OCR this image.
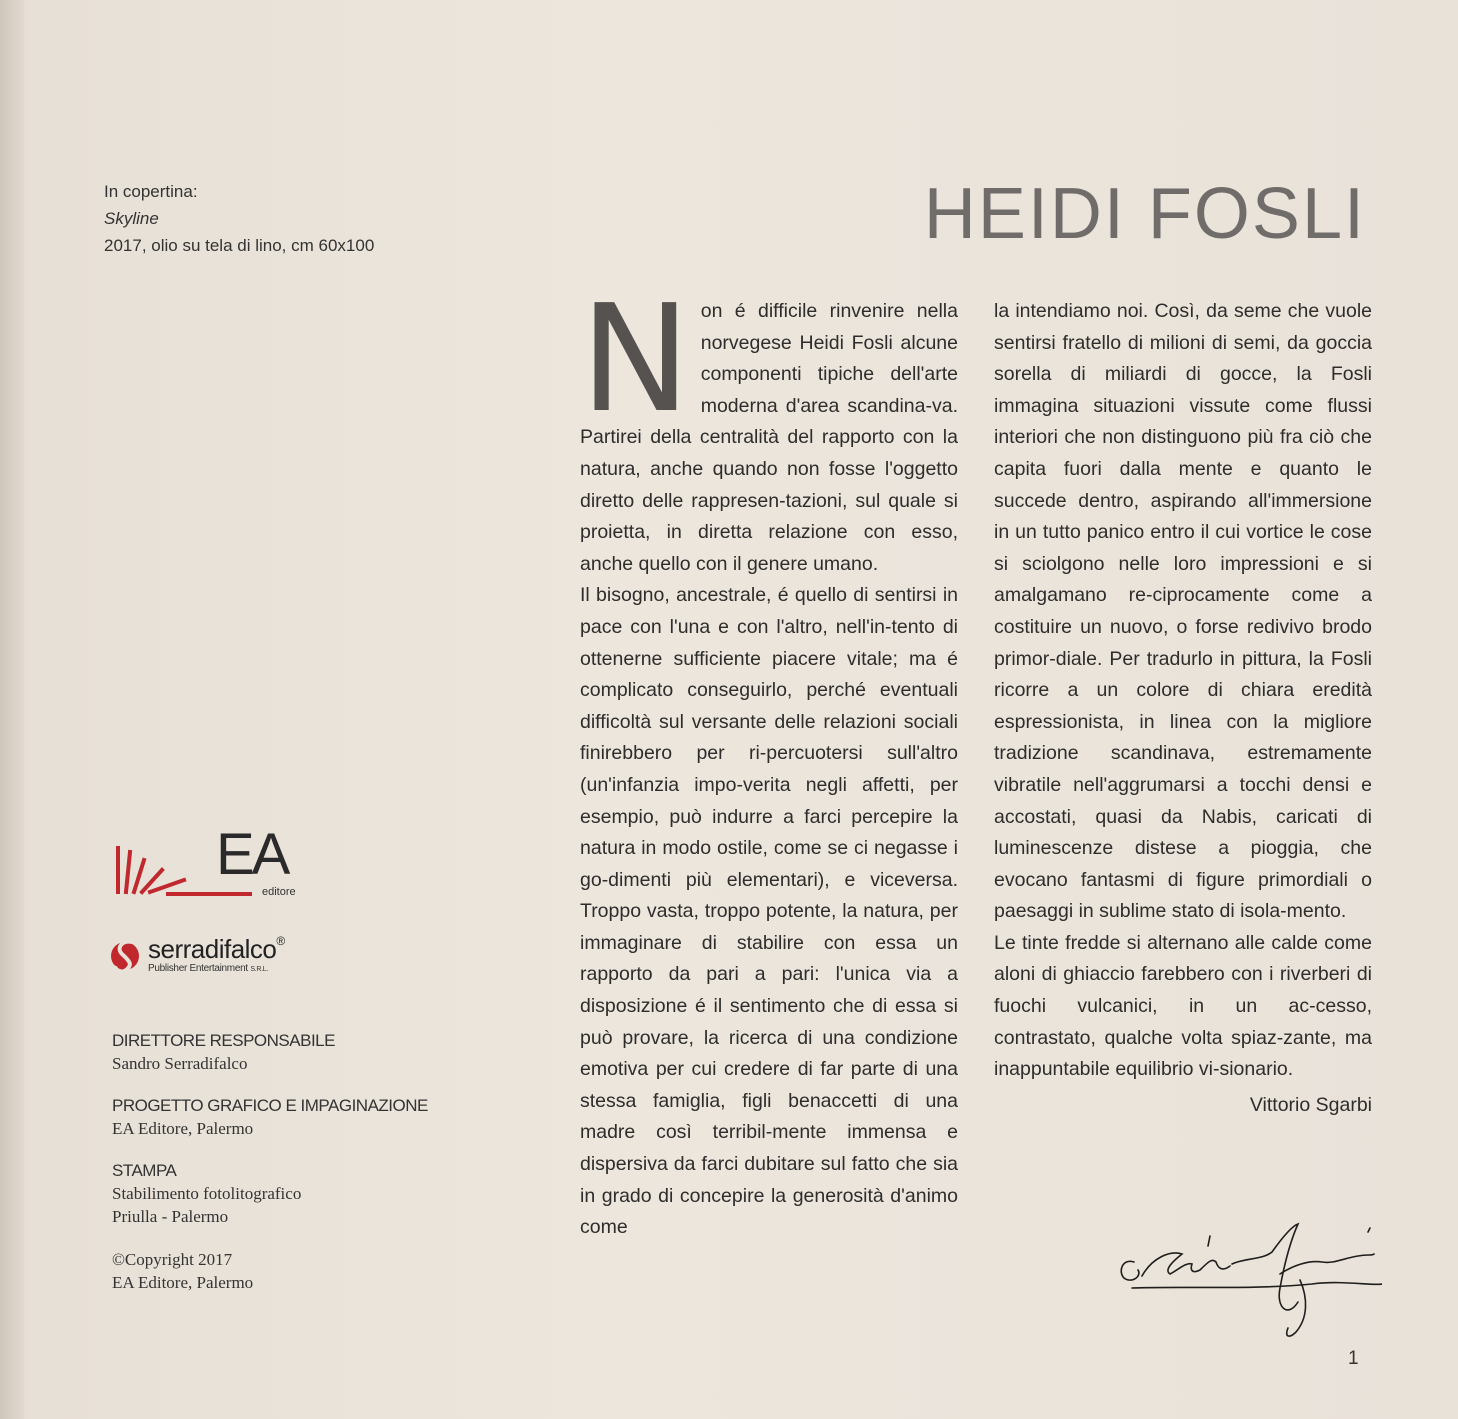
In copertina:
Skyline
2017, olio su tela di lino, cm 60x100	HEIDI FOSLI
N on é difficile rinvenire nella norvegese Heidi Fosli alcune componenti tipiche dell'arte moderna d'area scandina-va. Partirei della centralità del rapporto con la natura, anche quando non fosse l'oggetto diretto delle rappresen-tazioni, sul quale si proietta, in diretta relazione con esso, anche quello con il genere umano.

Il bisogno, ancestrale, é quello di sentirsi in pace con l'una e con l'altro, nell'in-tento di ottenerne sufficiente piacere vitale; ma é complicato conseguirlo, perché eventuali difficoltà sul versante delle relazioni sociali finirebbero per ri-percuotersi sull'altro (un'infanzia impo-verita negli affetti, per esempio, può indurre a farci percepire la natura in modo ostile, come se ci negasse i go-dimenti più elementari), e viceversa. Troppo vasta, troppo potente, la natura, per immaginare di stabilire con essa un rapporto da pari a pari: l'unica via a disposizione é il sentimento che di essa si può provare, la ricerca di una condizione emotiva per cui credere di far parte di una stessa famiglia, figli benaccetti di una madre così terribil-mente immensa e dispersiva da farci dubitare sul fatto che sia in grado di concepire la generosità d'animo come

la intendiamo noi. Così, da seme che vuole sentirsi fratello di milioni di semi, da goccia sorella di miliardi di gocce, la Fosli immagina situazioni vissute come flussi interiori che non distinguono più fra ciò che capita fuori dalla mente e quanto le succede dentro, aspirando all'immersione in un tutto panico entro il cui vortice le cose si sciolgono nelle loro impressioni e si amalgamano re-ciprocamente come a costituire un nuovo, o forse redivivo brodo primor-diale. Per tradurlo in pittura, la Fosli ricorre a un colore di chiara eredità espressionista, in linea con la migliore tradizione scandinava, estremamente vibratile nell'aggrumarsi a tocchi densi e accostati, quasi da Nabis, caricati di luminescenze distese a pioggia, che evocano fantasmi di figure primordiali o paesaggi in sublime stato di isola-mento.

Le tinte fredde si alternano alle calde come aloni di ghiaccio farebbero con i riverberi di fuochi vulcanici, in un ac-cesso, contrastato, qualche volta spiaz-zante, ma inappuntabile equilibrio vi-sionario.

Vittorio Sgarbi
1
EA
editore
serradifalco®
Publisher Entertainment S.R.L.
DIRETTORE RESPONSABILE
Sandro Serradifalco
PROGETTO GRAFICO E IMPAGINAZIONE
EA Editore, Palermo
STAMPA
Stabilimento fotolitografico
Priulla - Palermo
©Copyright 2017
EA Editore, Palermo
